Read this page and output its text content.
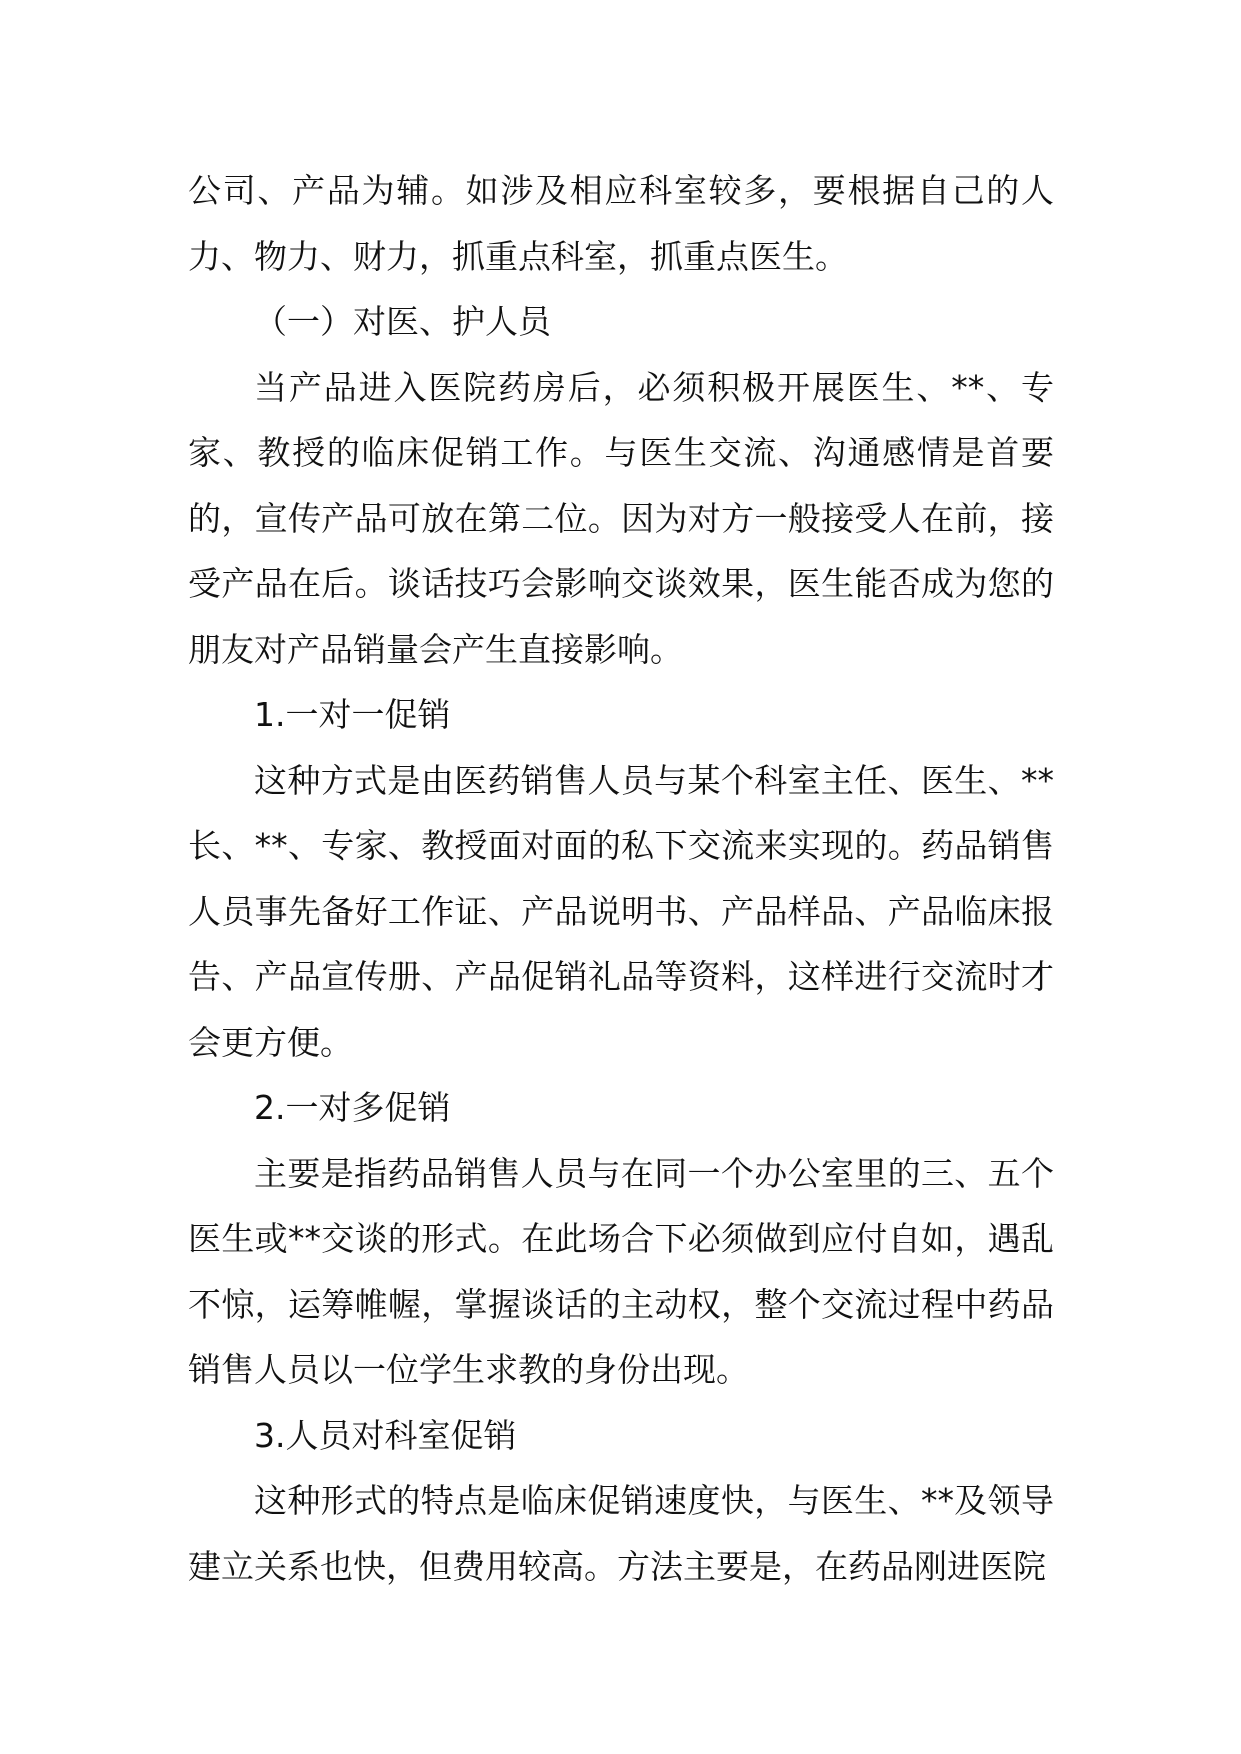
公司、产品为辅。如涉及相应科室较多，要根据自己的人力、物力、财力，抓重点科室，抓重点医生。

（一）对医、护人员

当产品进入医院药房后，必须积极开展医生、**、专家、教授的临床促销工作。与医生交流、沟通感情是首要的，宣传产品可放在第二位。因为对方一般接受人在前，接受产品在后。谈话技巧会影响交谈效果，医生能否成为您的朋友对产品销量会产生直接影响。

1.一对一促销

这种方式是由医药销售人员与某个科室主任、医生、**长、**、专家、教授面对面的私下交流来实现的。药品销售人员事先备好工作证、产品说明书、产品样品、产品临床报告、产品宣传册、产品促销礼品等资料，这样进行交流时才会更方便。

2.一对多促销

主要是指药品销售人员与在同一个办公室里的三、五个医生或**交谈的形式。在此场合下必须做到应付自如，遇乱不惊，运筹帷幄，掌握谈话的主动权，整个交流过程中药品销售人员以一位学生求教的身份出现。

3.人员对科室促销

这种形式的特点是临床促销速度快，与医生、**及领导建立关系也快，但费用较高。方法主要是，在药品刚进医院
